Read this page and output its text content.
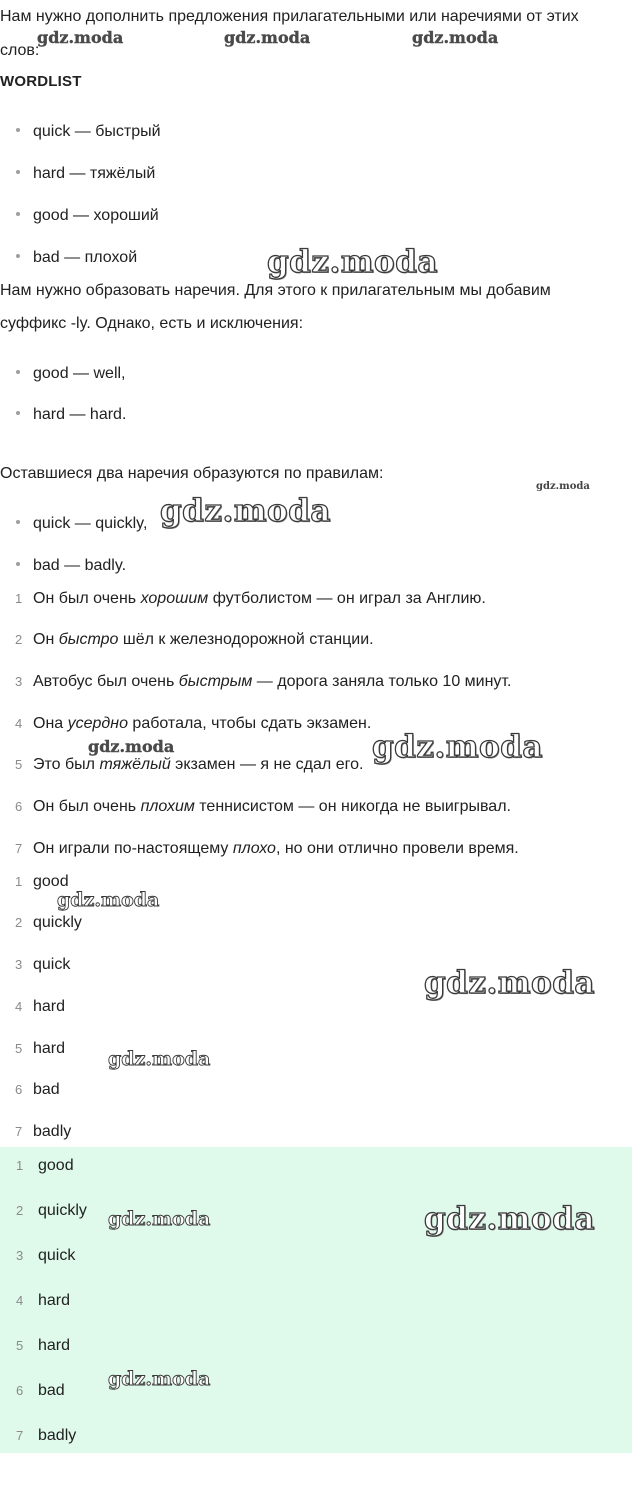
Нам нужно дополнить предложения прилагательными или наречиями от этих
слов:
WORDLIST
quick — быстрый
hard — тяжёлый
good — хороший
bad — плохой
Нам нужно образовать наречия. Для этого к прилагательным мы добавим
суффикс -ly. Однако, есть и исключения:
good — well,
hard — hard.
Оставшиеся два наречия образуются по правилам:
quick — quickly,
bad — badly.
1 Он был очень хорошим футболистом — он играл за Англию.
2 Он быстро шёл к железнодорожной станции.
3 Автобус был очень быстрым — дорога заняла только 10 минут.
4 Она усердно работала, чтобы сдать экзамен.
5 Это был тяжёлый экзамен — я не сдал его.
6 Он был очень плохим теннисистом — он никогда не выигрывал.
7 Он играли по-настоящему плохо, но они отлично провели время.
1 good
2 quickly
3 quick
4 hard
5 hard
6 bad
7 badly
1 good
2 quickly
3 quick
4 hard
5 hard
6 bad
7 badly
gdz.moda	gdz.moda	gdz.moda
gdz.moda
gdz.moda
gdz.moda
gdz.moda	gdz.moda
gdz.moda
gdz.moda
gdz.moda
gdz.moda	gdz.moda
gdz.moda
